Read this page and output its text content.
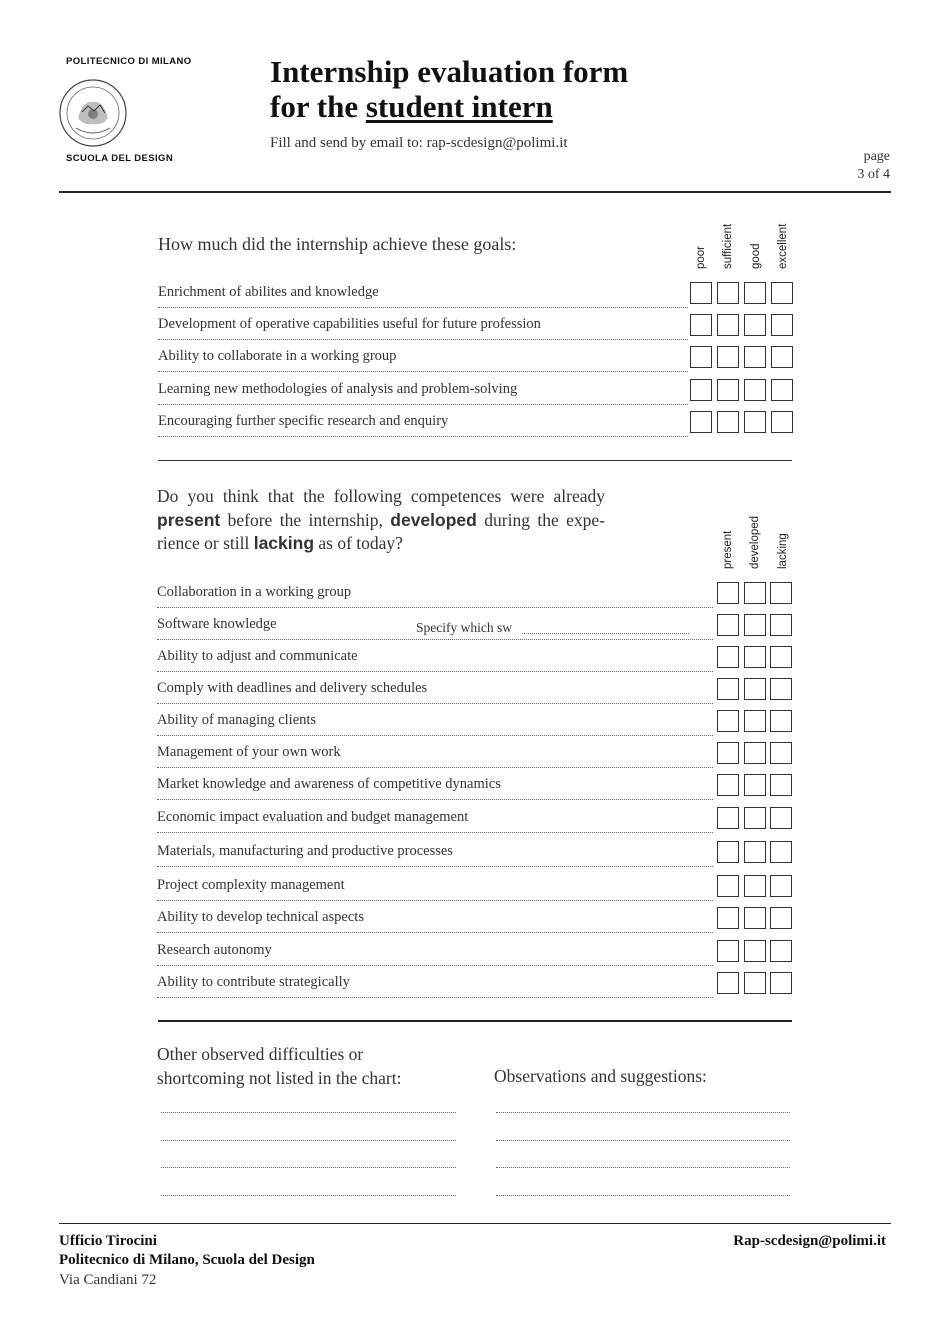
POLITECNICO DI MILANO
SCUOLA DEL DESIGN
Internship evaluation form
for the student intern
Fill and send by email to: rap-scdesign@polimi.it
page
3 of 4
How much did the internship achieve these goals:
poor sufficient good excellent
Enrichment of abilites and knowledge
Development of operative capabilities useful for future profession
Ability to collaborate in a working group
Learning new methodologies of analysis and problem-solving
Encouraging further specific research and enquiry
Do you think that the following competences were already present before the internship, developed during the expe- rience or still lacking as of today?	present developed lacking
Collaboration in a working group
Software knowledge
Ability to adjust and communicate
Comply with deadlines and delivery schedules
Ability of managing clients
Management of your own work
Market knowledge and awareness of competitive dynamics
Economic impact evaluation and budget management
Materials, manufacturing and productive processes
Project complexity management
Ability to develop technical aspects
Research autonomy
Ability to contribute strategically
Specify which sw
Other observed difficulties or
shortcoming not listed in the chart:	Observations and suggestions:
Ufficio Tirocini
Politecnico di Milano, Scuola del Design
Via Candiani 72
Rap-scdesign@polimi.it
